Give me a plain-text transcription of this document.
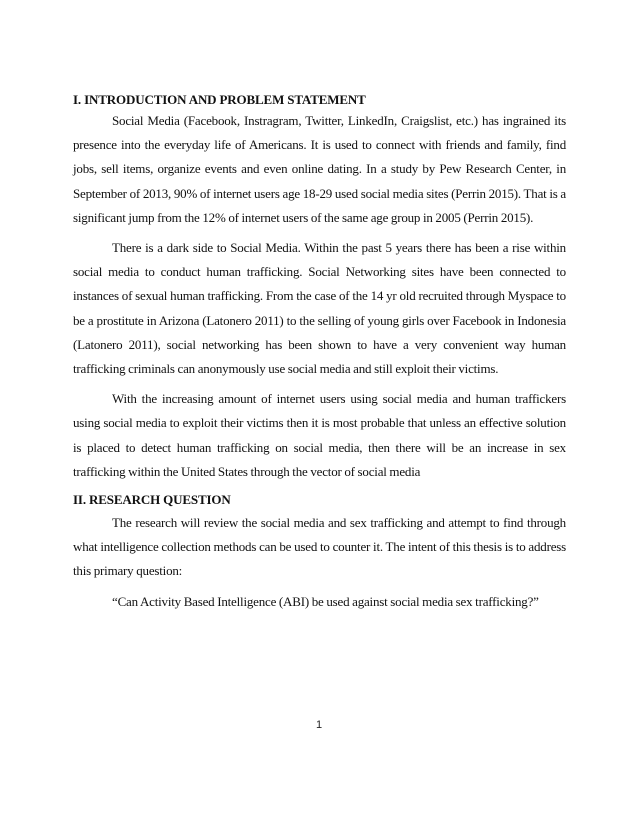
I. INTRODUCTION AND PROBLEM STATEMENT

Social Media (Facebook, Instragram, Twitter, LinkedIn, Craigslist, etc.) has ingrained its presence into the everyday life of Americans. It is used to connect with friends and family, find jobs, sell items, organize events and even online dating. In a study by Pew Research Center, in September of 2013, 90% of internet users age 18-29 used social media sites (Perrin 2015). That is a significant jump from the 12% of internet users of the same age group in 2005 (Perrin 2015).

There is a dark side to Social Media. Within the past 5 years there has been a rise within social media to conduct human trafficking. Social Networking sites have been connected to instances of sexual human trafficking. From the case of the 14 yr old recruited through Myspace to be a prostitute in Arizona (Latonero 2011) to the selling of young girls over Facebook in Indonesia (Latonero 2011), social networking has been shown to have a very convenient way human trafficking criminals can anonymously use social media and still exploit their victims.

With the increasing amount of internet users using social media and human traffickers using social media to exploit their victims then it is most probable that unless an effective solution is placed to detect human trafficking on social media, then there will be an increase in sex trafficking within the United States through the vector of social media

II. RESEARCH QUESTION

The research will review the social media and sex trafficking and attempt to find through what intelligence collection methods can be used to counter it. The intent of this thesis is to address this primary question:

“Can Activity Based Intelligence (ABI) be used against social media sex trafficking?”

1
